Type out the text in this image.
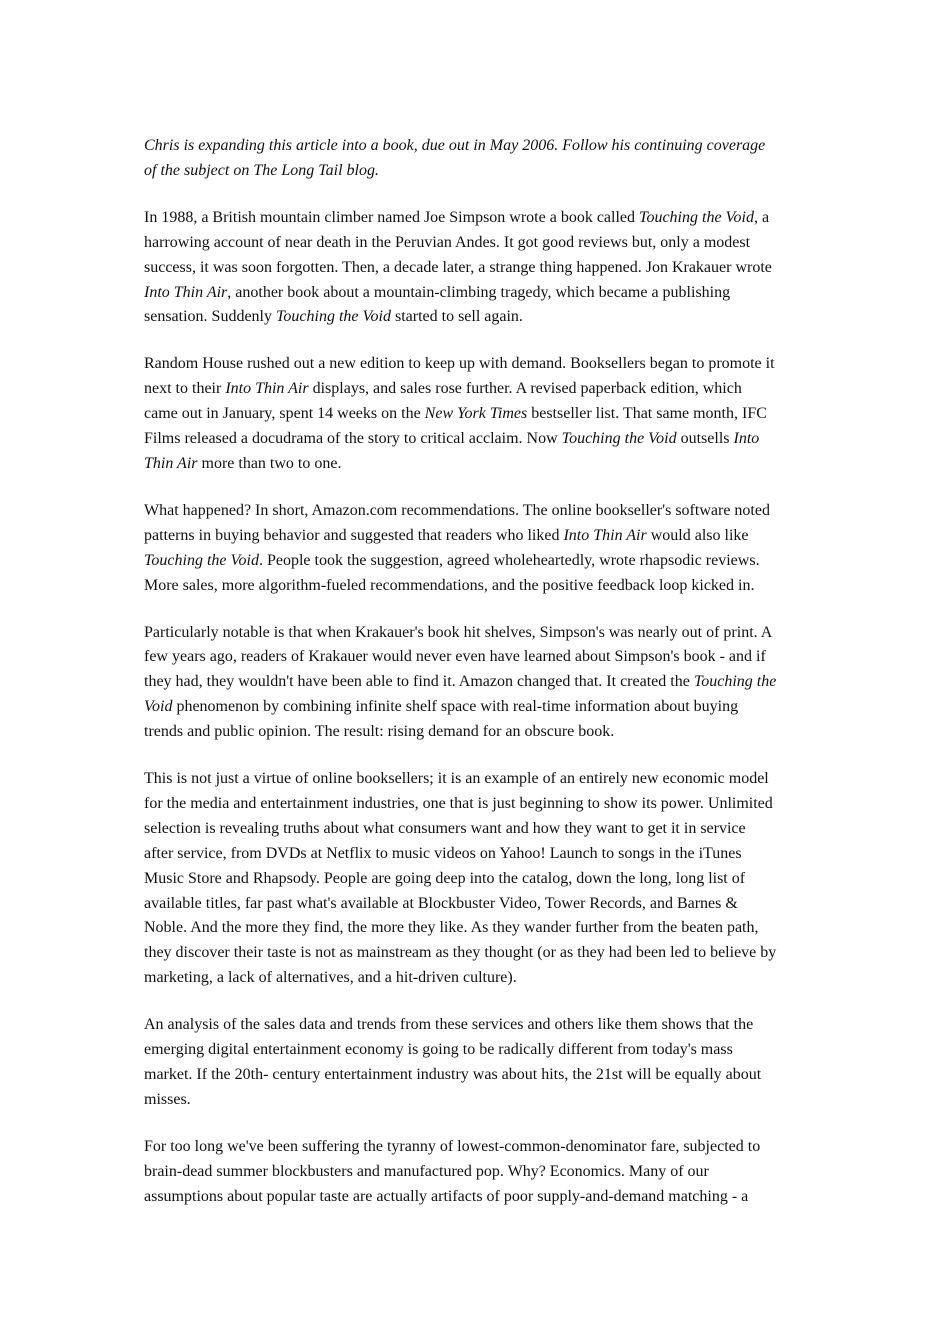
Chris is expanding this article into a book, due out in May 2006. Follow his continuing coverage
of the subject on The Long Tail blog.

In 1988, a British mountain climber named Joe Simpson wrote a book called Touching the Void, a
harrowing account of near death in the Peruvian Andes. It got good reviews but, only a modest
success, it was soon forgotten. Then, a decade later, a strange thing happened. Jon Krakauer wrote
Into Thin Air, another book about a mountain-climbing tragedy, which became a publishing
sensation. Suddenly Touching the Void started to sell again.

Random House rushed out a new edition to keep up with demand. Booksellers began to promote it
next to their Into Thin Air displays, and sales rose further. A revised paperback edition, which
came out in January, spent 14 weeks on the New York Times bestseller list. That same month, IFC
Films released a docudrama of the story to critical acclaim. Now Touching the Void outsells Into
Thin Air more than two to one.

What happened? In short, Amazon.com recommendations. The online bookseller's software noted
patterns in buying behavior and suggested that readers who liked Into Thin Air would also like
Touching the Void. People took the suggestion, agreed wholeheartedly, wrote rhapsodic reviews.
More sales, more algorithm-fueled recommendations, and the positive feedback loop kicked in.

Particularly notable is that when Krakauer's book hit shelves, Simpson's was nearly out of print. A
few years ago, readers of Krakauer would never even have learned about Simpson's book - and if
they had, they wouldn't have been able to find it. Amazon changed that. It created the Touching the
Void phenomenon by combining infinite shelf space with real-time information about buying
trends and public opinion. The result: rising demand for an obscure book.

This is not just a virtue of online booksellers; it is an example of an entirely new economic model
for the media and entertainment industries, one that is just beginning to show its power. Unlimited
selection is revealing truths about what consumers want and how they want to get it in service
after service, from DVDs at Netflix to music videos on Yahoo! Launch to songs in the iTunes
Music Store and Rhapsody. People are going deep into the catalog, down the long, long list of
available titles, far past what's available at Blockbuster Video, Tower Records, and Barnes &
Noble. And the more they find, the more they like. As they wander further from the beaten path,
they discover their taste is not as mainstream as they thought (or as they had been led to believe by
marketing, a lack of alternatives, and a hit-driven culture).

An analysis of the sales data and trends from these services and others like them shows that the
emerging digital entertainment economy is going to be radically different from today's mass
market. If the 20th- century entertainment industry was about hits, the 21st will be equally about
misses.

For too long we've been suffering the tyranny of lowest-common-denominator fare, subjected to
brain-dead summer blockbusters and manufactured pop. Why? Economics. Many of our
assumptions about popular taste are actually artifacts of poor supply-and-demand matching - a
